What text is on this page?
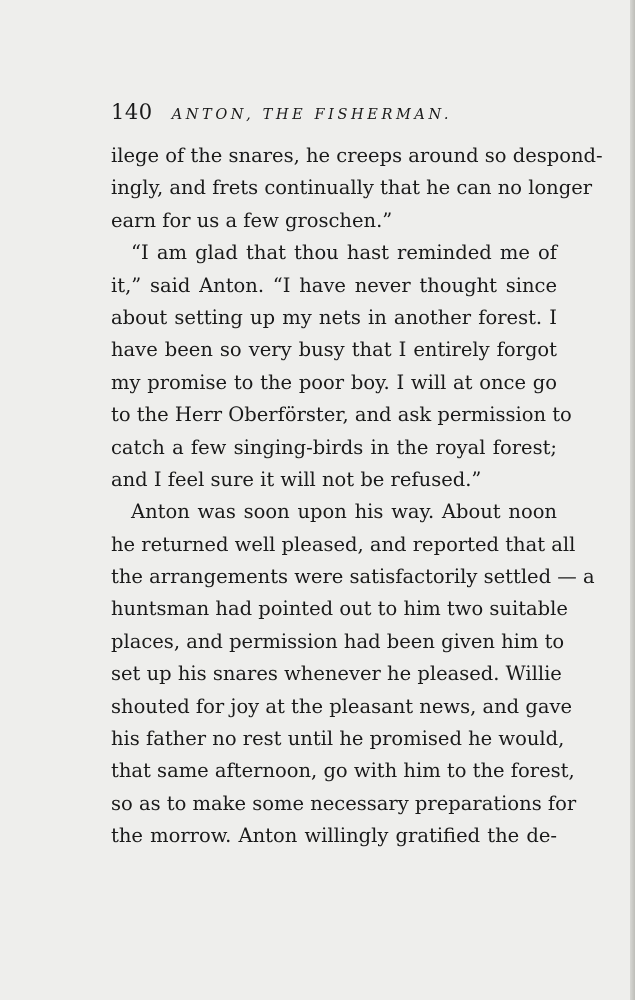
140 ANTON, THE FISHERMAN.
ilege of the snares, he creeps around so despond-
ingly, and frets continually that he can no longer
earn for us a few groschen.”
“I am glad that thou hast reminded me of
it,” said Anton. “I have never thought since
about setting up my nets in another forest. I
have been so very busy that I entirely forgot
my promise to the poor boy. I will at once go
to the Herr Oberförster, and ask permission to
catch a few singing-birds in the royal forest;
and I feel sure it will not be refused.”
Anton was soon upon his way. About noon
he returned well pleased, and reported that all
the arrangements were satisfactorily settled — a
huntsman had pointed out to him two suitable
places, and permission had been given him to
set up his snares whenever he pleased. Willie
shouted for joy at the pleasant news, and gave
his father no rest until he promised he would,
that same afternoon, go with him to the forest,
so as to make some necessary preparations for
the morrow. Anton willingly gratified the de-
